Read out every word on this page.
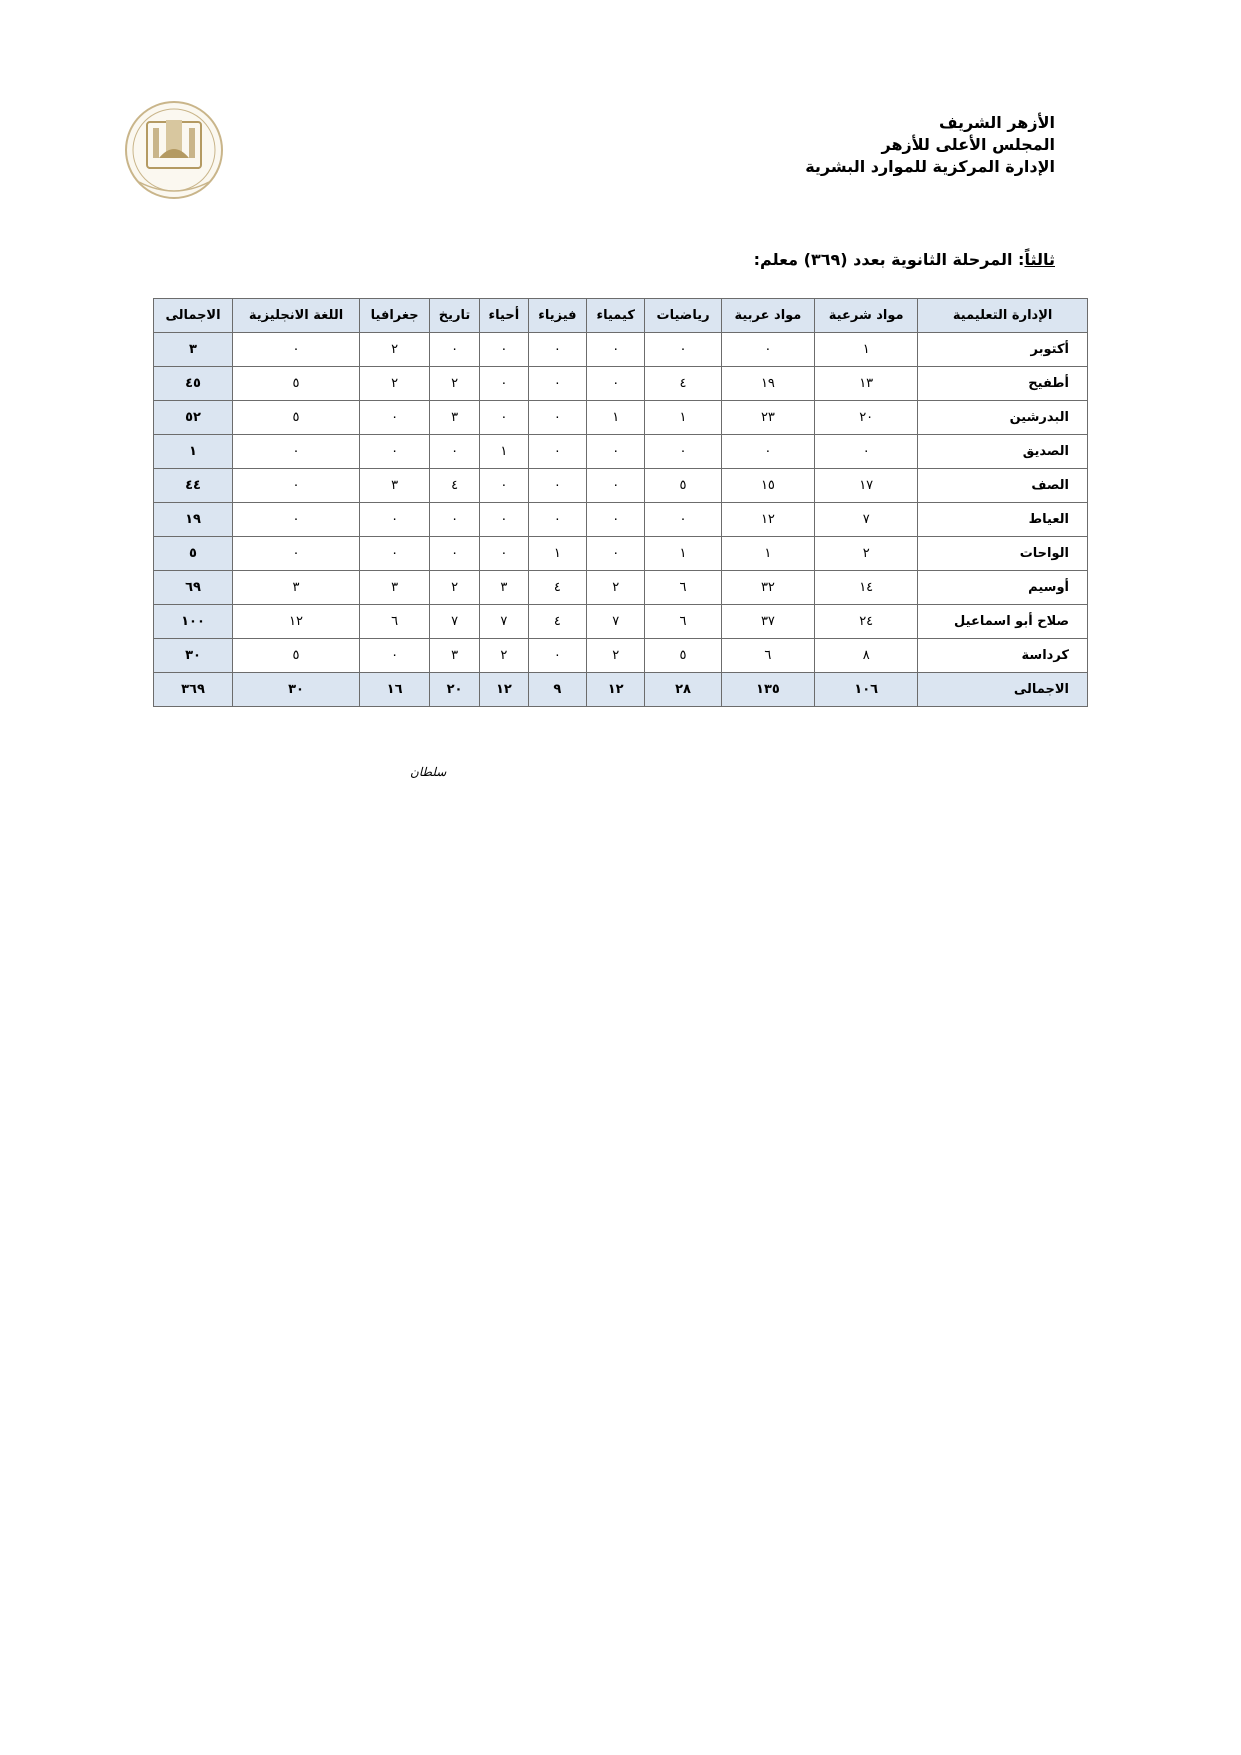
الأزهر الشريف
المجلس الأعلى للأزهر
الإدارة المركزية للموارد البشرية
ثالثاً: المرحلة الثانوية بعدد (٣٦٩) معلم:
الإدارة التعليمية	مواد شرعية	مواد عربية	رياضيات	كيمياء	فيزياء	أحياء	تاريخ	جغرافيا	اللغة الانجليزية	الاجمالى
أكتوبر	١	٠	٠	٠	٠	٠	٠	٢	٠	٣
أطفيح	١٣	١٩	٤	٠	٠	٠	٢	٢	٥	٤٥
البدرشين	٢٠	٢٣	١	١	٠	٠	٣	٠	٥	٥٢
الصديق	٠	٠	٠	٠	٠	١	٠	٠	٠	١
الصف	١٧	١٥	٥	٠	٠	٠	٤	٣	٠	٤٤
العياط	٧	١٢	٠	٠	٠	٠	٠	٠	٠	١٩
الواحات	٢	١	١	٠	١	٠	٠	٠	٠	٥
أوسيم	١٤	٣٢	٦	٢	٤	٣	٢	٣	٣	٦٩
صلاح أبو اسماعيل	٢٤	٣٧	٦	٧	٤	٧	٧	٦	١٢	١٠٠
كرداسة	٨	٦	٥	٢	٠	٢	٣	٠	٥	٣٠
الاجمالى	١٠٦	١٣٥	٢٨	١٢	٩	١٢	٢٠	١٦	٣٠	٣٦٩
سلطان
